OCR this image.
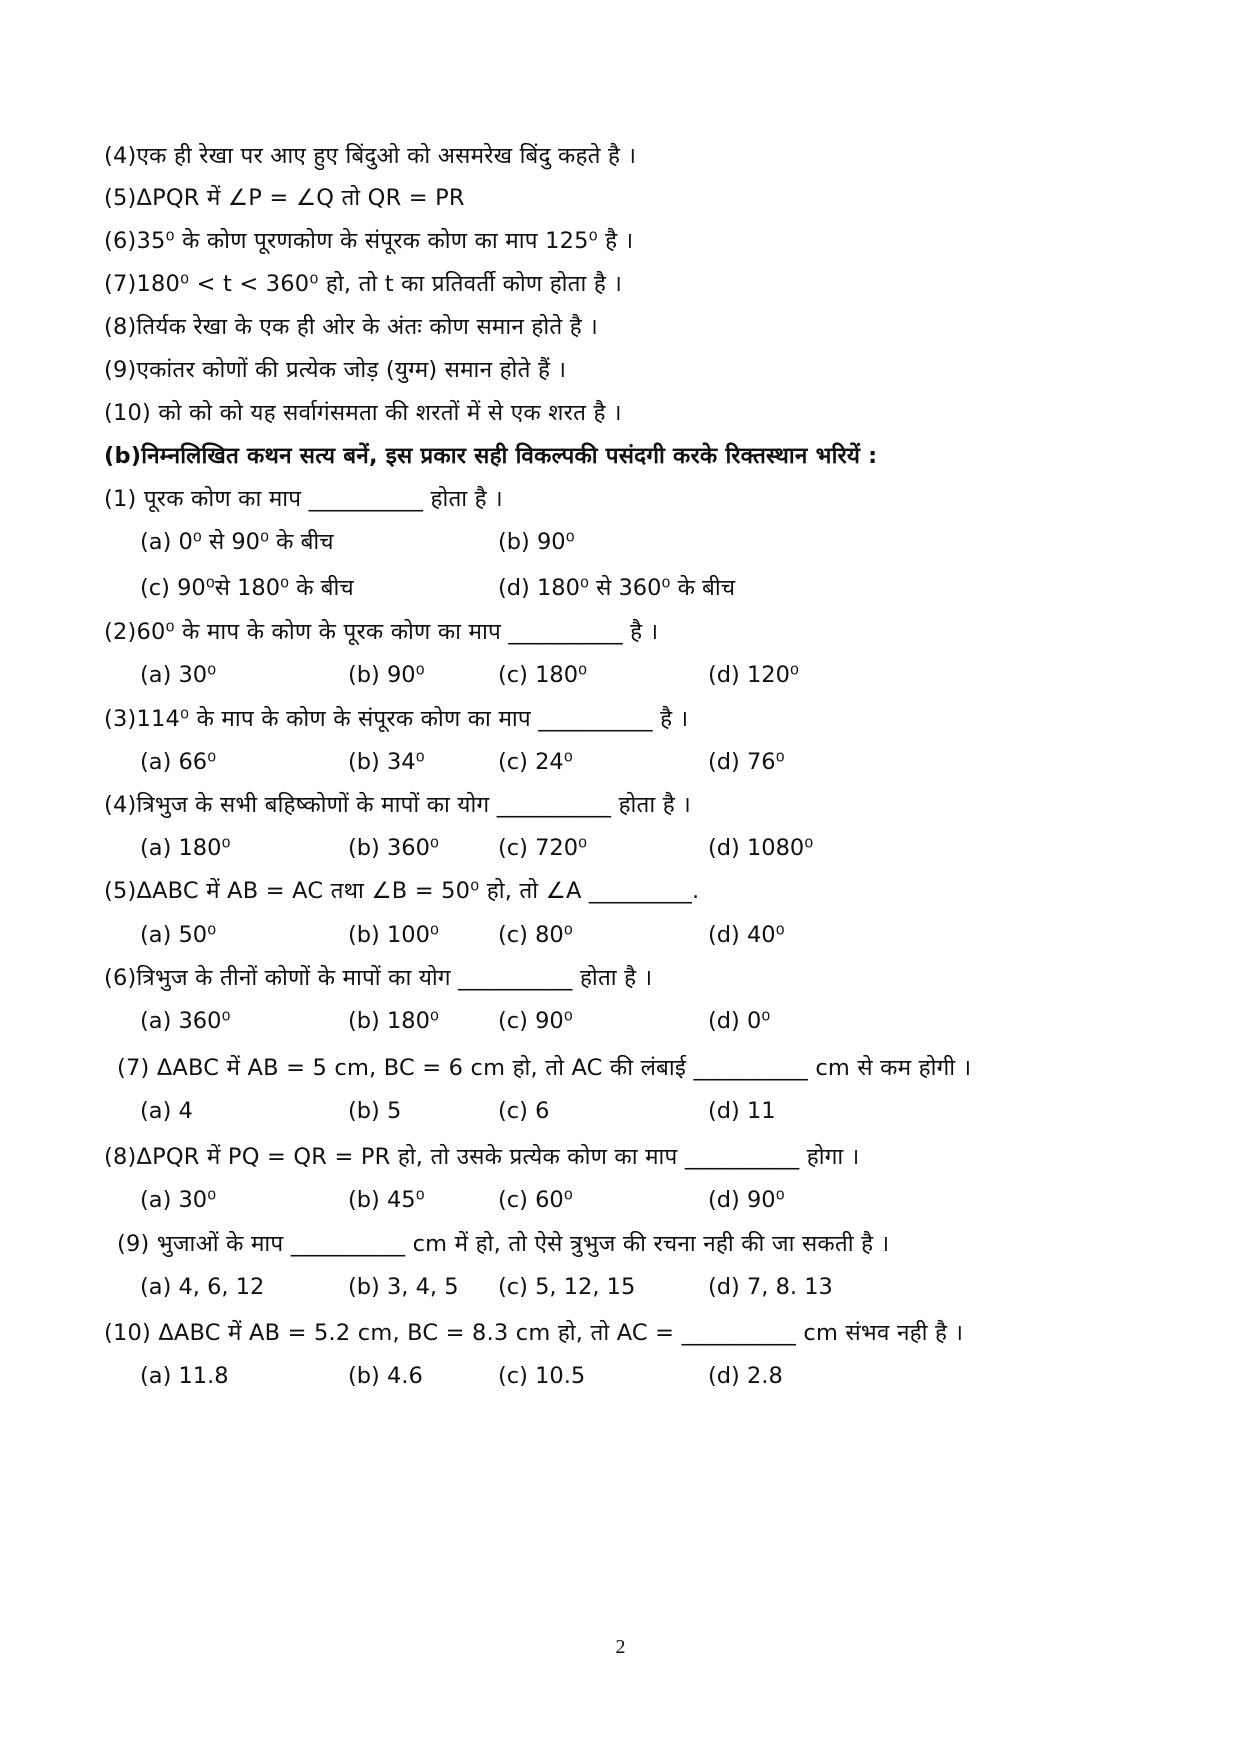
(4)एक ही रेखा पर आए हुए बिंदुओ को असमरेख बिंदु कहते है ।
(5)ΔPQR में ∠P = ∠Q तो QR = PR
(6)35⁰ के कोण पूरणकोण के संपूरक कोण का माप 125⁰ है ।
(7)180⁰ < t < 360⁰ हो, तो t का प्रतिवर्ती कोण होता है ।
(8)तिर्यक रेखा के एक ही ओर के अंतः कोण समान होते है ।
(9)एकांतर कोणों की प्रत्येक जोड़ (युग्म) समान होते हैं ।
(10) को को को यह सर्वागंसमता की शरतों में से एक शरत है ।
(b)निम्नलिखित कथन सत्य बनें, इस प्रकार सही विकल्पकी पसंदगी करके रिक्तस्थान भरियें :
(1) पूरक कोण का माप __________ होता है ।
(a) 0⁰ से 90⁰ के बीच	(b) 90⁰
(c) 90⁰से 180⁰ के बीच	(d) 180⁰ से 360⁰ के बीच
(2)60⁰ के माप के कोण के पूरक कोण का माप __________ है ।
(a) 30⁰	(b) 90⁰	(c) 180⁰	(d) 120⁰
(3)114⁰ के माप के कोण के संपूरक कोण का माप __________ है ।
(a) 66⁰	(b) 34⁰	(c) 24⁰	(d) 76⁰
(4)त्रिभुज के सभी बहिष्कोणों के मापों का योग __________ होता है ।
(a) 180⁰	(b) 360⁰	(c) 720⁰	(d) 1080⁰
(5)ΔABC में AB = AC तथा ∠B = 50⁰ हो, तो ∠A _________.
(a) 50⁰	(b) 100⁰	(c) 80⁰	(d) 40⁰
(6)त्रिभुज के तीनों कोणों के मापों का योग __________ होता है ।
(a) 360⁰	(b) 180⁰	(c) 90⁰	(d) 0⁰
(7) ΔABC में AB = 5 cm, BC = 6 cm हो, तो AC की लंबाई __________ cm से कम होगी ।
(a) 4	(b) 5	(c) 6	(d) 11
(8)ΔPQR में PQ = QR = PR हो, तो उसके प्रत्येक कोण का माप __________ होगा ।
(a) 30⁰	(b) 45⁰	(c) 60⁰	(d) 90⁰
(9) भुजाओं के माप __________ cm में हो, तो ऐसे त्रुभुज की रचना नही की जा सकती है ।
(a) 4, 6, 12	(b) 3, 4, 5 (c) 5, 12, 15	(d) 7, 8. 13
(10) ΔABC में AB = 5.2 cm, BC = 8.3 cm हो, तो AC = __________ cm संभव नही है ।
(a) 11.8	(b) 4.6	(c) 10.5	(d) 2.8
2
